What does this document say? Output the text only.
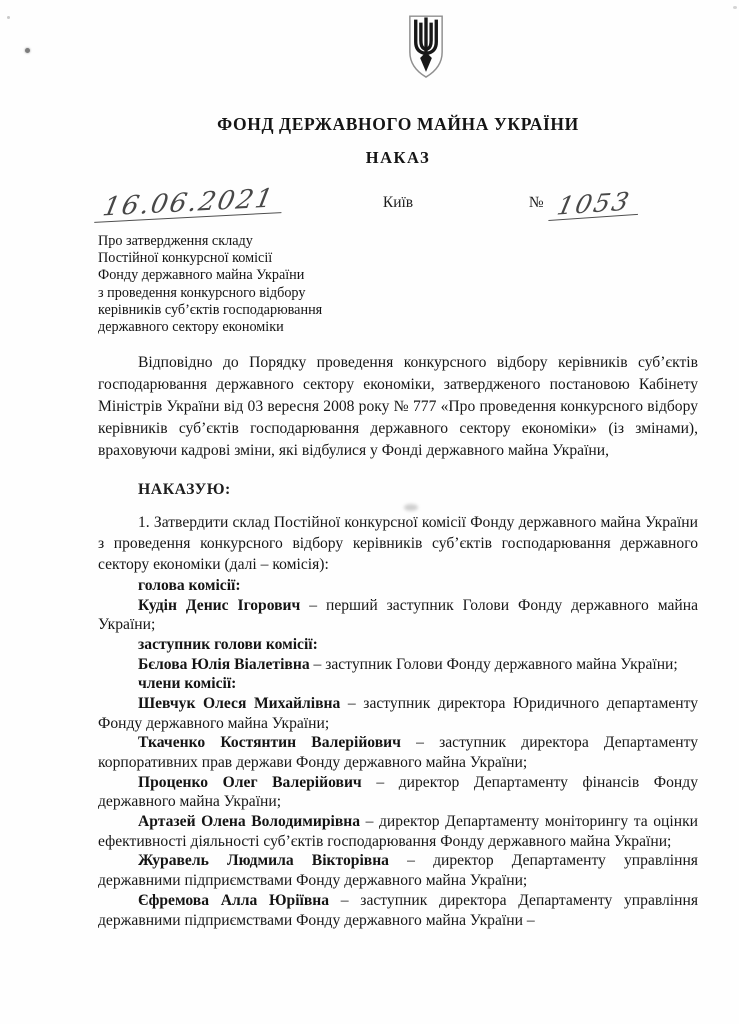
ФОНД ДЕРЖАВНОГО МАЙНА УКРАЇНИ
НАКАЗ
16.06.2021	Київ	№ 1053
Про затвердження складу
Постійної конкурсної комісії
Фонду державного майна України
з проведення конкурсного відбору
керівників суб’єктів господарювання
державного сектору економіки
Відповідно до Порядку проведення конкурсного відбору керівників суб’єктів господарювання державного сектору економіки, затвердженого постановою Кабінету Міністрів України від 03 вересня 2008 року № 777 «Про проведення конкурсного відбору керівників суб’єктів господарювання державного сектору економіки» (із змінами), враховуючи кадрові зміни, які відбулися у Фонді державного майна України,
НАКАЗУЮ:

1. Затвердити склад Постійної конкурсної комісії Фонду державного майна України з проведення конкурсного відбору керівників суб’єктів господарювання державного сектору економіки (далі – комісія):

голова комісії:

Кудін Денис Ігорович – перший заступник Голови Фонду державного майна України;

заступник голови комісії:

Бєлова Юлія Віалетівна – заступник Голови Фонду державного майна України;

члени комісії:

Шевчук Олеся Михайлівна – заступник директора Юридичного департаменту Фонду державного майна України;

Ткаченко Костянтин Валерійович – заступник директора Департаменту корпоративних прав держави Фонду державного майна України;

Проценко Олег Валерійович – директор Департаменту фінансів Фонду державного майна України;

Артазей Олена Володимирівна – директор Департаменту моніторингу та оцінки ефективності діяльності суб’єктів господарювання Фонду державного майна України;

Журавель Людмила Вікторівна – директор Департаменту управління державними підприємствами Фонду державного майна України;

Єфремова Алла Юріївна – заступник директора Департаменту управління державними підприємствами Фонду державного майна України –
